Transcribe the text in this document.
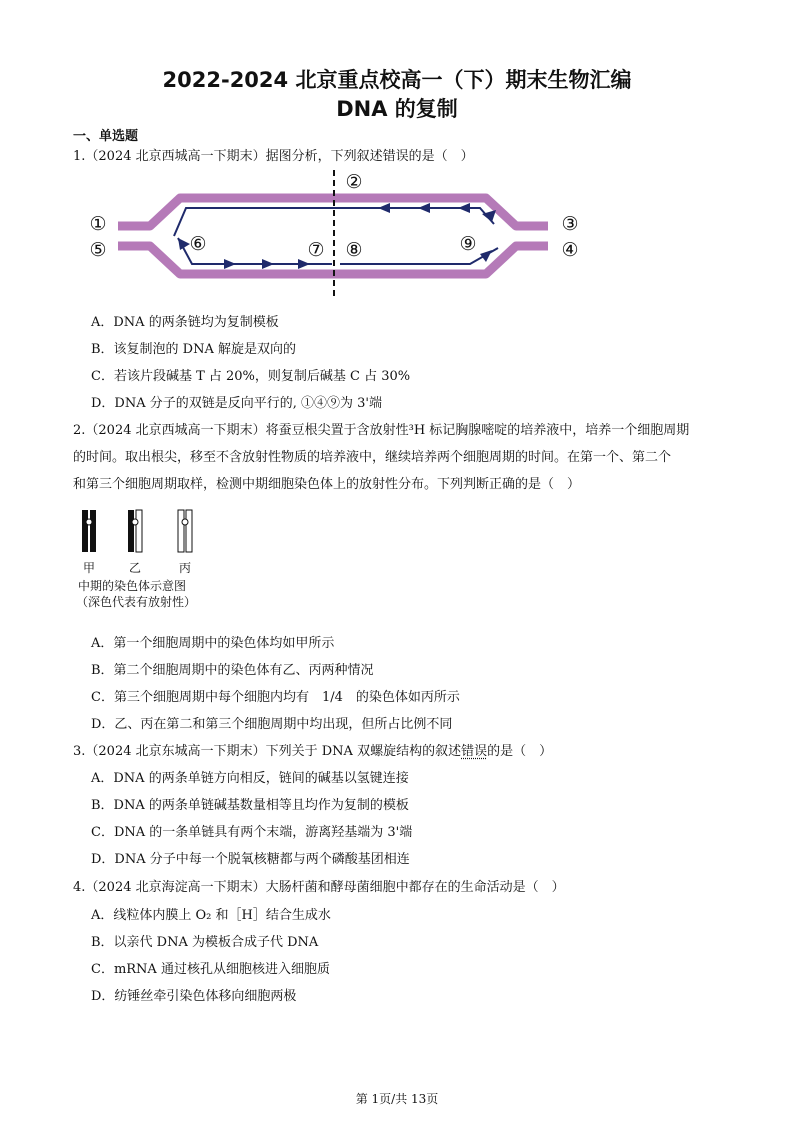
2022-2024 北京重点校高一（下）期末生物汇编
DNA 的复制
一、单选题
1.（2024 北京西城高一下期末）据图分析，下列叙述错误的是（　）
①
②
③
④
⑤	⑥	⑦ ⑧	⑨
A．DNA 的两条链均为复制模板
B．该复制泡的 DNA 解旋是双向的
C．若该片段碱基 T 占 20%，则复制后碱基 C 占 30%
D．DNA 分子的双链是反向平行的, ①④⑨为 3'端
2.（2024 北京西城高一下期末）将蚕豆根尖置于含放射性³H 标记胸腺嘧啶的培养液中，培养一个细胞周期
的时间。取出根尖，移至不含放射性物质的培养液中，继续培养两个细胞周期的时间。在第一个、第二个
和第三个细胞周期取样，检测中期细胞染色体上的放射性分布。下列判断正确的是（　）
甲	乙	丙
中期的染色体示意图
（深色代表有放射性）
A．第一个细胞周期中的染色体均如甲所示
B．第二个细胞周期中的染色体有乙、丙两种情况
C．第三个细胞周期中每个细胞内均有　1/4　的染色体如丙所示
D．乙、丙在第二和第三个细胞周期中均出现，但所占比例不同
3.（2024 北京东城高一下期末）下列关于 DNA 双螺旋结构的叙述错误的是（　）
A．DNA 的两条单链方向相反，链间的碱基以氢键连接
B．DNA 的两条单链碱基数量相等且均作为复制的模板
C．DNA 的一条单链具有两个末端，游离羟基端为 3'端
D．DNA 分子中每一个脱氧核糖都与两个磷酸基团相连
4.（2024 北京海淀高一下期末）大肠杆菌和酵母菌细胞中都存在的生命活动是（　）
A．线粒体内膜上 O₂ 和［H］结合生成水
B．以亲代 DNA 为模板合成子代 DNA
C．mRNA 通过核孔从细胞核进入细胞质
D．纺锤丝牵引染色体移向细胞两极
第 1页/共 13页
